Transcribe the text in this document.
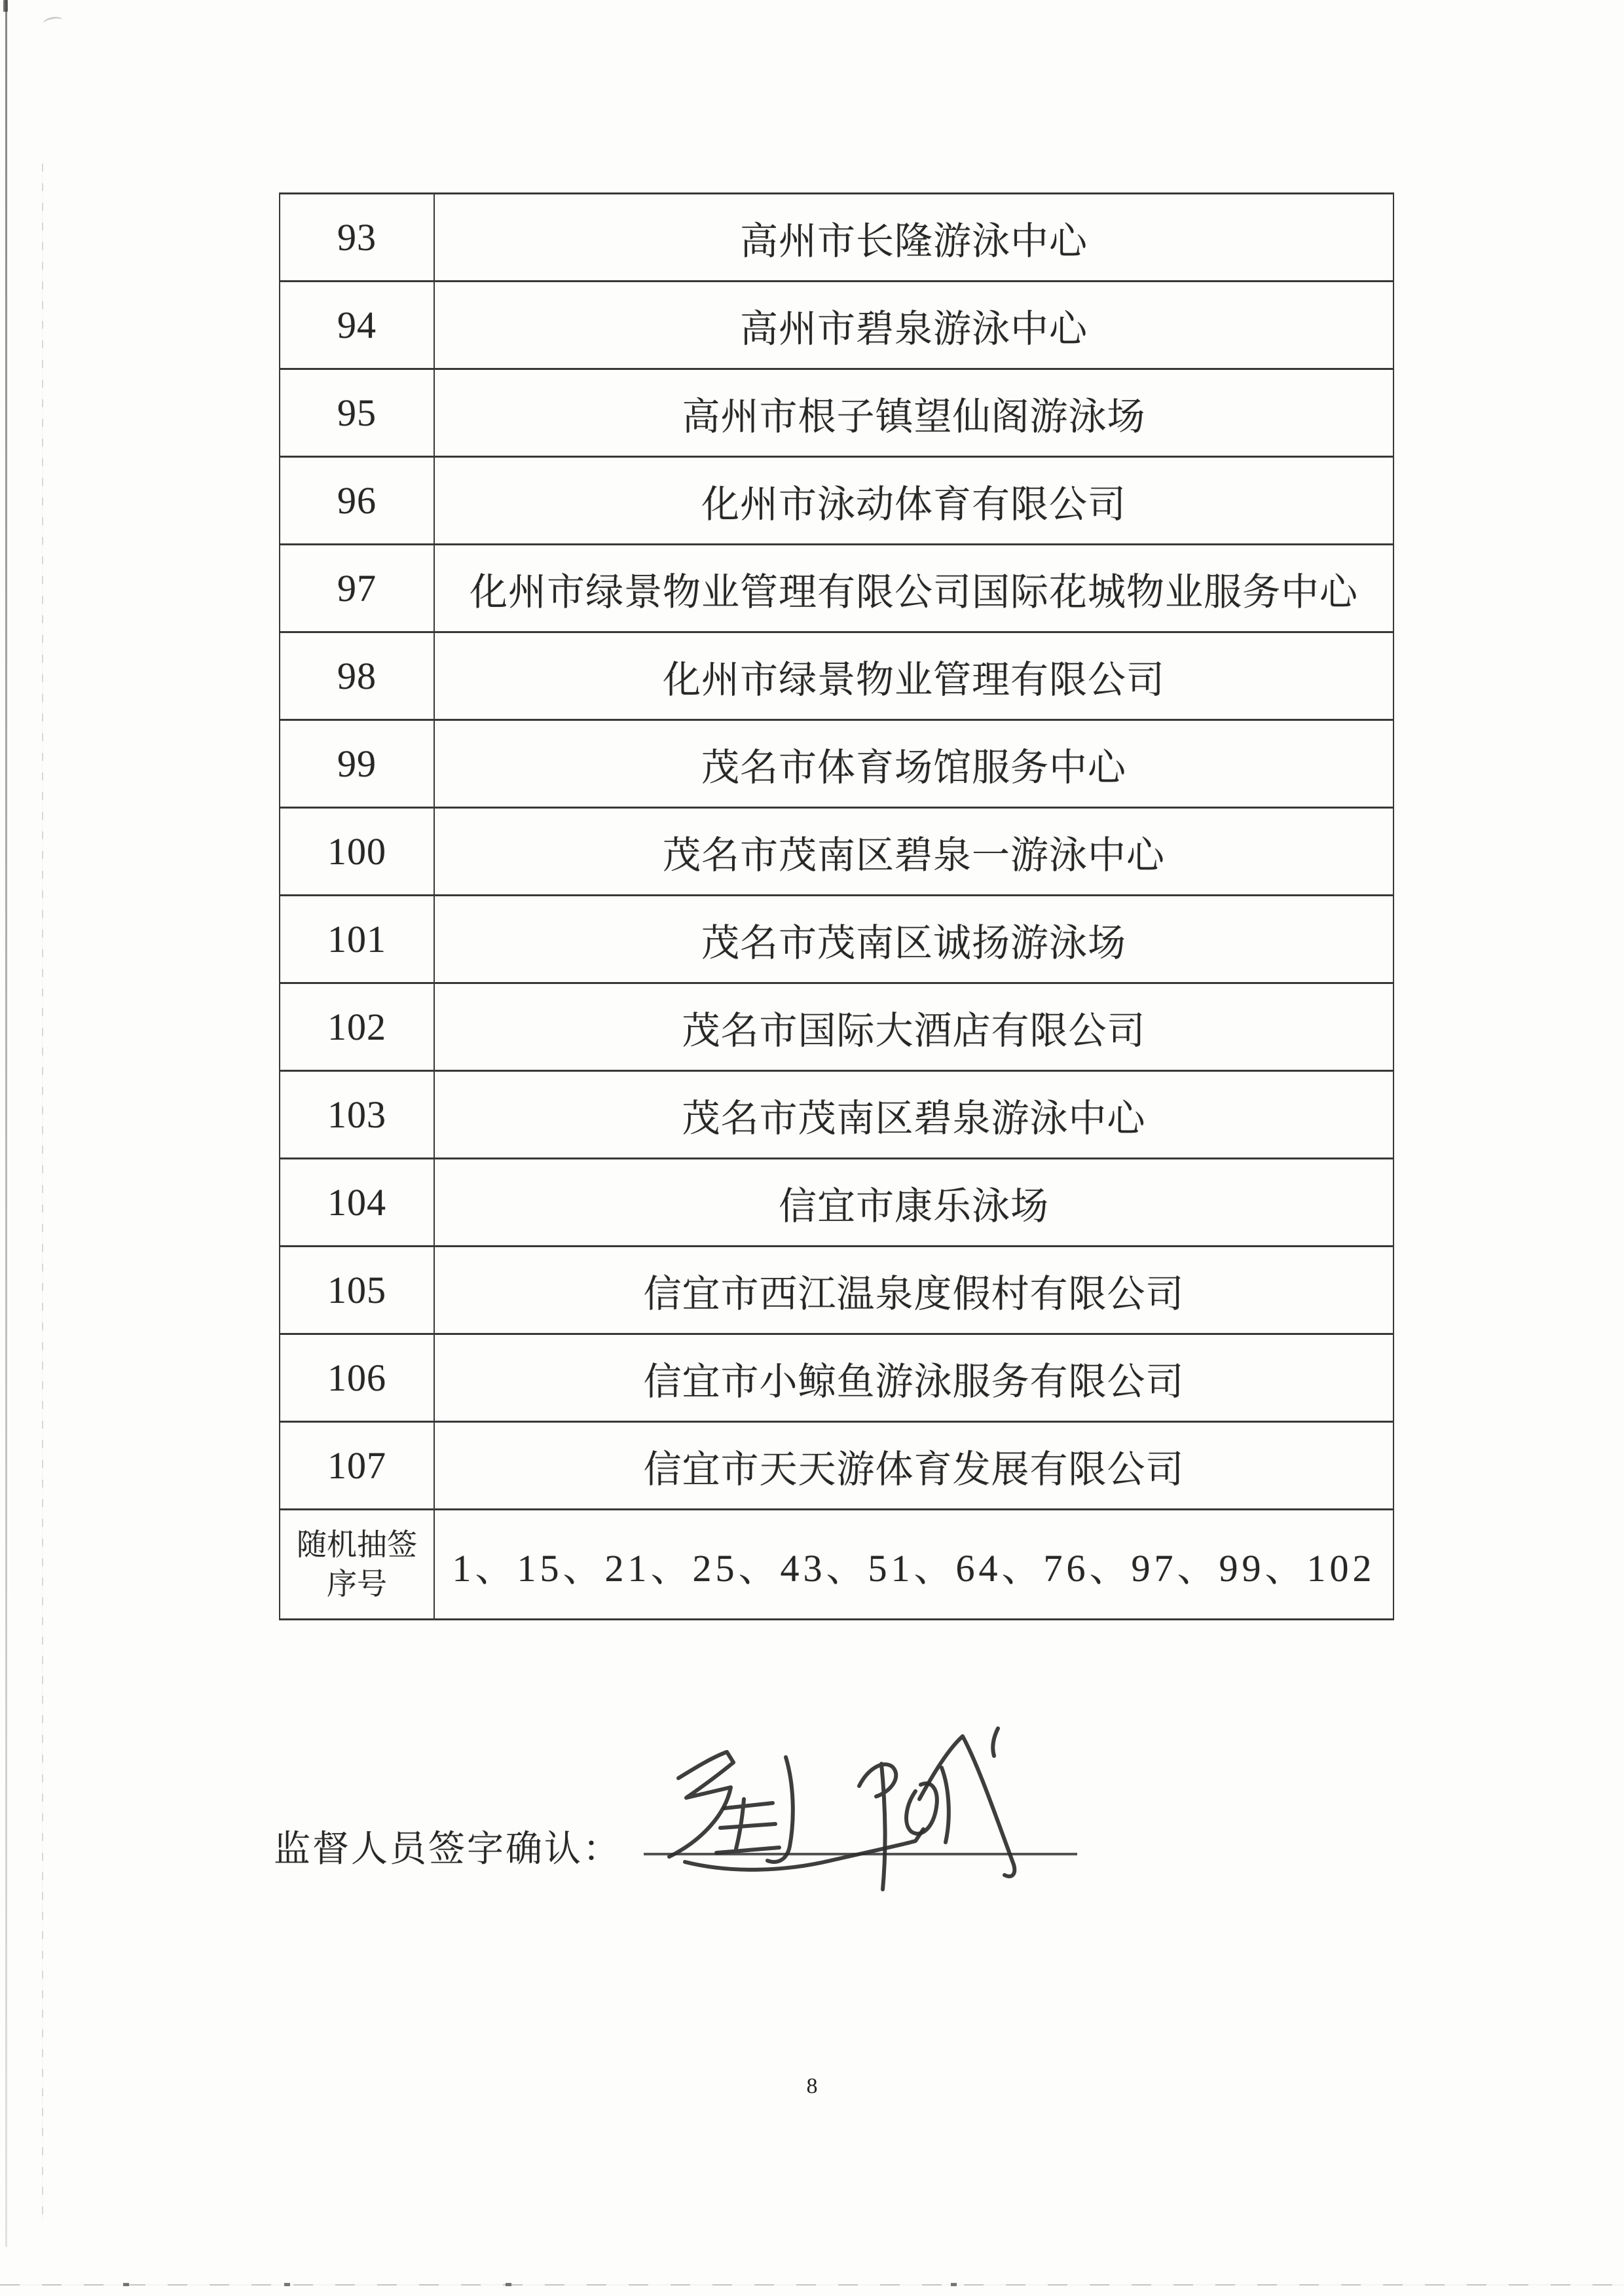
93	高州市长隆游泳中心
94	高州市碧泉游泳中心
95	高州市根子镇望仙阁游泳场
96	化州市泳动体育有限公司
97	化州市绿景物业管理有限公司国际花城物业服务中心
98	化州市绿景物业管理有限公司
99	茂名市体育场馆服务中心
100	茂名市茂南区碧泉一游泳中心
101	茂名市茂南区诚扬游泳场
102	茂名市国际大酒店有限公司
103	茂名市茂南区碧泉游泳中心
104	信宜市康乐泳场
105	信宜市西江温泉度假村有限公司
106	信宜市小鲸鱼游泳服务有限公司
107	信宜市天天游体育发展有限公司

随机抽签
序号	1、15、21、25、43、51、64、76、97、99、102
监督人员签字确认：
8
